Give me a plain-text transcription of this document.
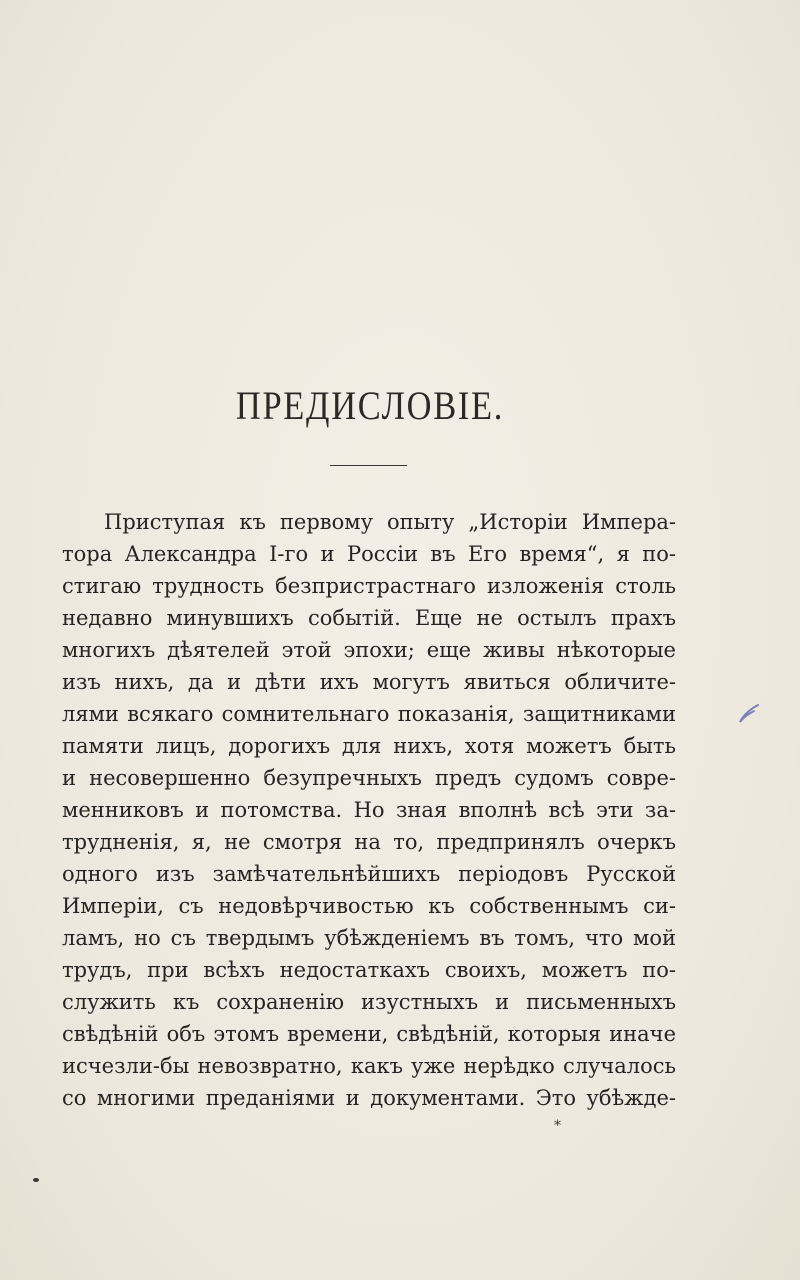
ПРЕДИСЛОВІЕ.
Приступая къ первому опыту „Исторіи Импера-
тора Александра I-го и Россіи въ Его время“, я по-
стигаю трудность безпристрастнаго изложенія столь
недавно минувшихъ событій. Еще не остылъ прахъ
многихъ дѣятелей этой эпохи; еще живы нѣкоторые
изъ нихъ, да и дѣти ихъ могутъ явиться обличите-
лями всякаго сомнительнаго показанія, защитниками
памяти лицъ, дорогихъ для нихъ, хотя можетъ быть
и несовершенно безупречныхъ предъ судомъ совре-
менниковъ и потомства. Но зная вполнѣ всѣ эти за-
трудненія, я, не смотря на то, предпринялъ очеркъ
одного изъ замѣчательнѣйшихъ періодовъ Русской
Имперіи, съ недовѣрчивостью къ собственнымъ си-
ламъ, но съ твердымъ убѣжденіемъ въ томъ, что мой
трудъ, при всѣхъ недостаткахъ своихъ, можетъ по-
служить къ сохраненію изустныхъ и письменныхъ
свѣдѣній объ этомъ времени, свѣдѣній, которыя иначе
исчезли-бы невозвратно, какъ уже нерѣдко случалось
со многими преданіями и документами. Это убѣжде-
*
